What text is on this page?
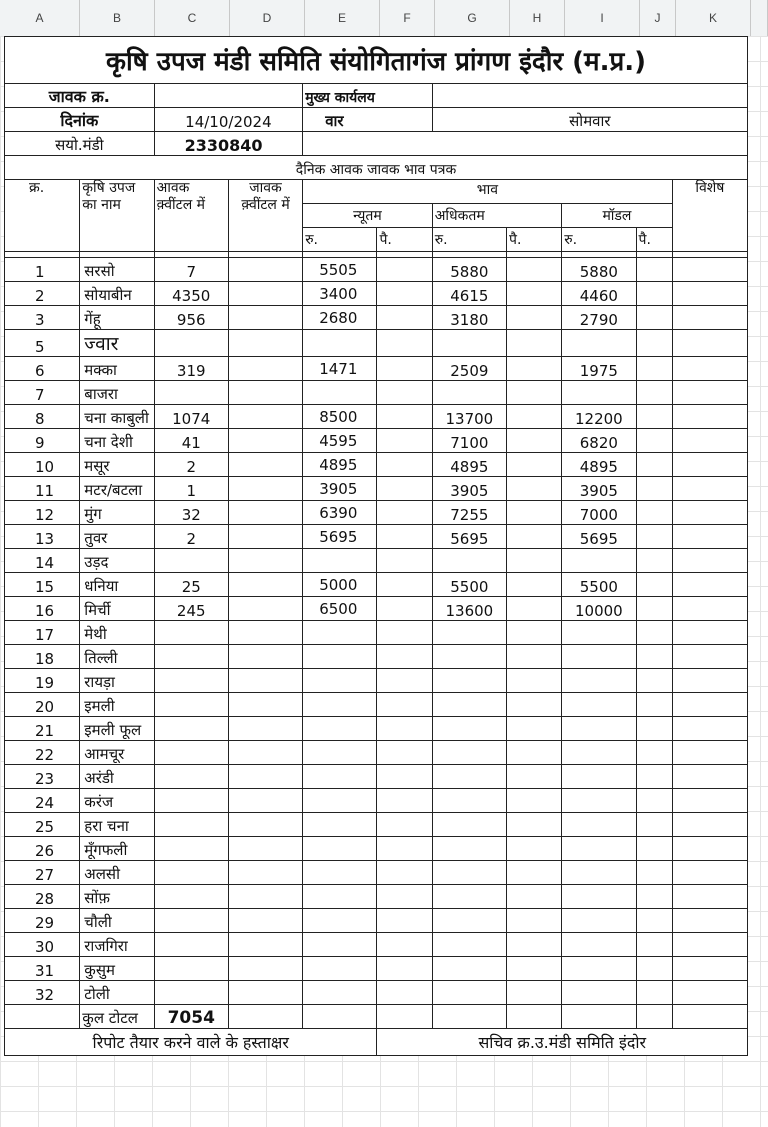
A	B	C	D	E	F	G	H	I	J	K
कृषि उपज मंडी समिति संयोगितागंज प्रांगण इंदौर (म.प्र.)										
जावक क्र.				मुख्य कार्यलय						
दिनांक		14/10/2024		वार		सोमवार				
सयो.मंडी		2330840								
दैनिक आवक जावक भाव पत्रक										
क्र.	कृषि उपज का नाम	आवक क़्वींटल में	जावक क़्वींटल में	भाव						विशेष
				न्यूतम		अधिकतम		मॉडल		
				रु.	पै.	रु.	पै.	रु.	पै.	

1	सरसो	7		5505		5880		5880		
2	सोयाबीन	4350		3400		4615		4460		
3	गेंहू	956		2680		3180		2790		
5	ज्वार									
6	मक्का	319		1471		2509		1975		
7	बाजरा									
8	चना काबुली	1074		8500		13700		12200		
9	चना देशी	41		4595		7100		6820		
10	मसूर	2		4895		4895		4895		
11	मटर/बटला	1		3905		3905		3905		
12	मुंग	32		6390		7255		7000		
13	तुवर	2		5695		5695		5695		
14	उड़द									
15	धनिया	25		5000		5500		5500		
16	मिर्ची	245		6500		13600		10000		
17	मेथी									
18	तिल्ली									
19	रायड़ा									
20	इमली									
21	इमली फूल									
22	आमचूर									
23	अरंडी									
24	करंज									
25	हरा चना									
26	मूँगफली									
27	अलसी									
28	सोंफ़									
29	चौली									
30	राजगिरा									
31	कुसुम									
32	टोली									
	कुल टोटल	7054								
रिपोट तैयार करने वाले के हस्ताक्षर					सचिव क्र.उ.मंडी समिति इंदोर					
